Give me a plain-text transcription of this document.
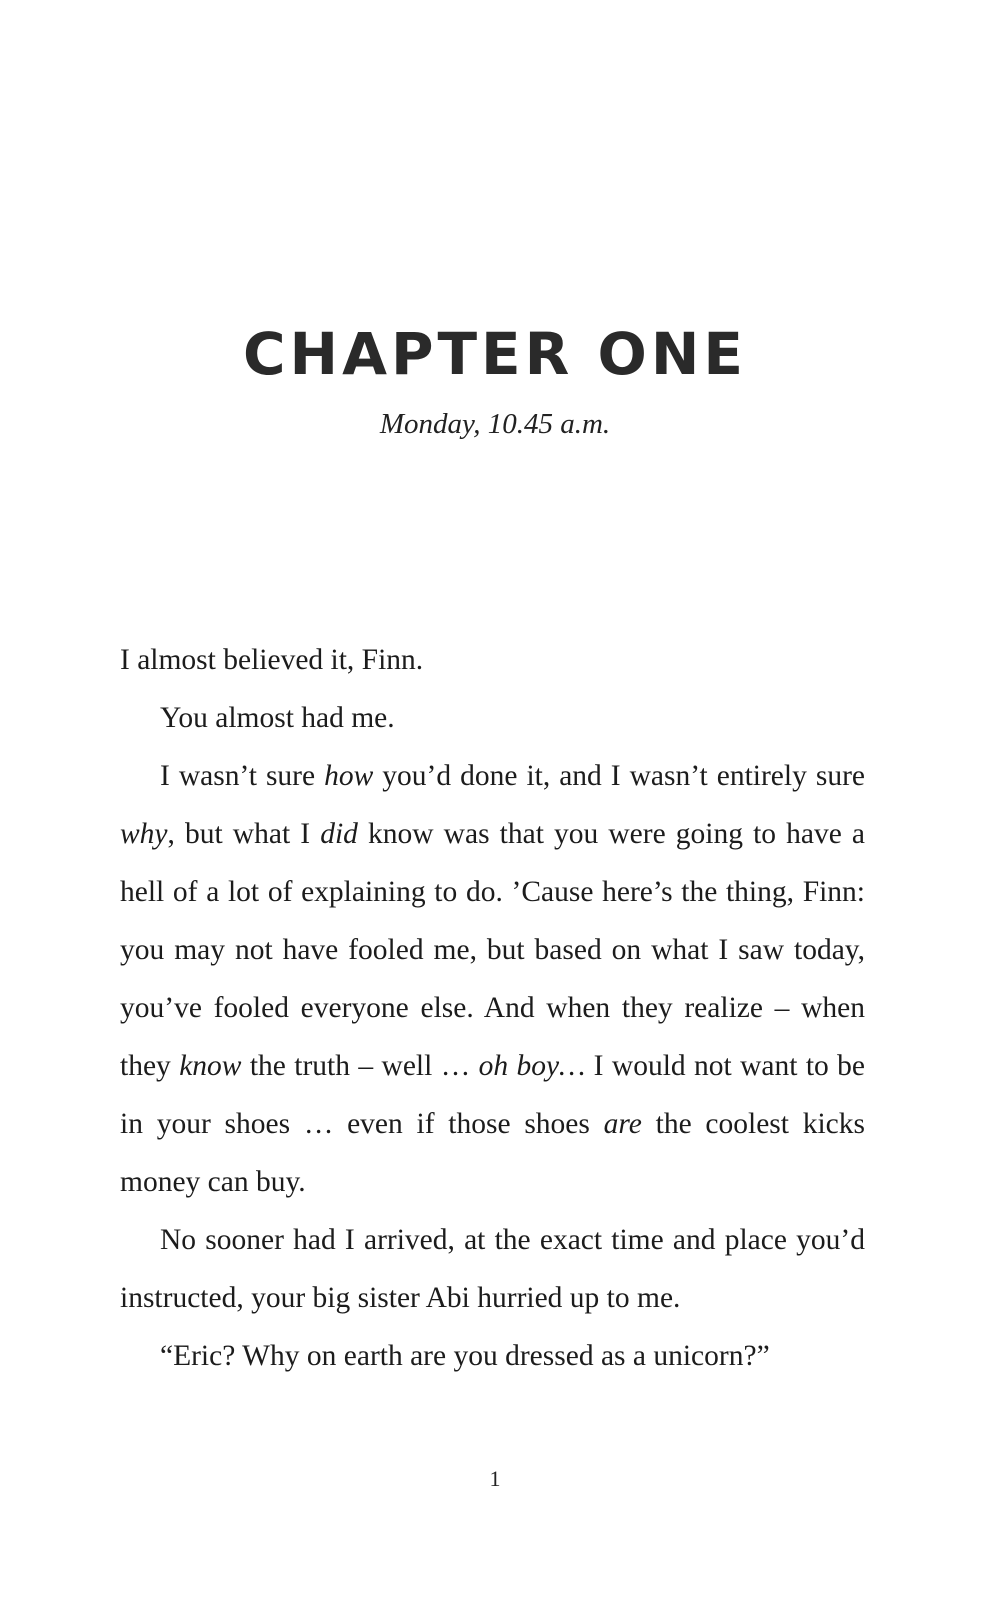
CHAPTER ONE
Monday, 10.45 a.m.

I almost believed it, Finn.

You almost had me.

I wasn’t sure how you’d done it, and I wasn’t entirely sure why, but what I did know was that you were going to have a hell of a lot of explaining to do. ’Cause here’s the thing, Finn: you may not have fooled me, but based on what I saw today, you’ve fooled everyone else. And when they realize – when they know the truth – well … oh boy… I would not want to be in your shoes … even if those shoes are the coolest kicks money can buy.

No sooner had I arrived, at the exact time and place you’d instructed, your big sister Abi hurried up to me.

“Eric? Why on earth are you dressed as a unicorn?”

1
